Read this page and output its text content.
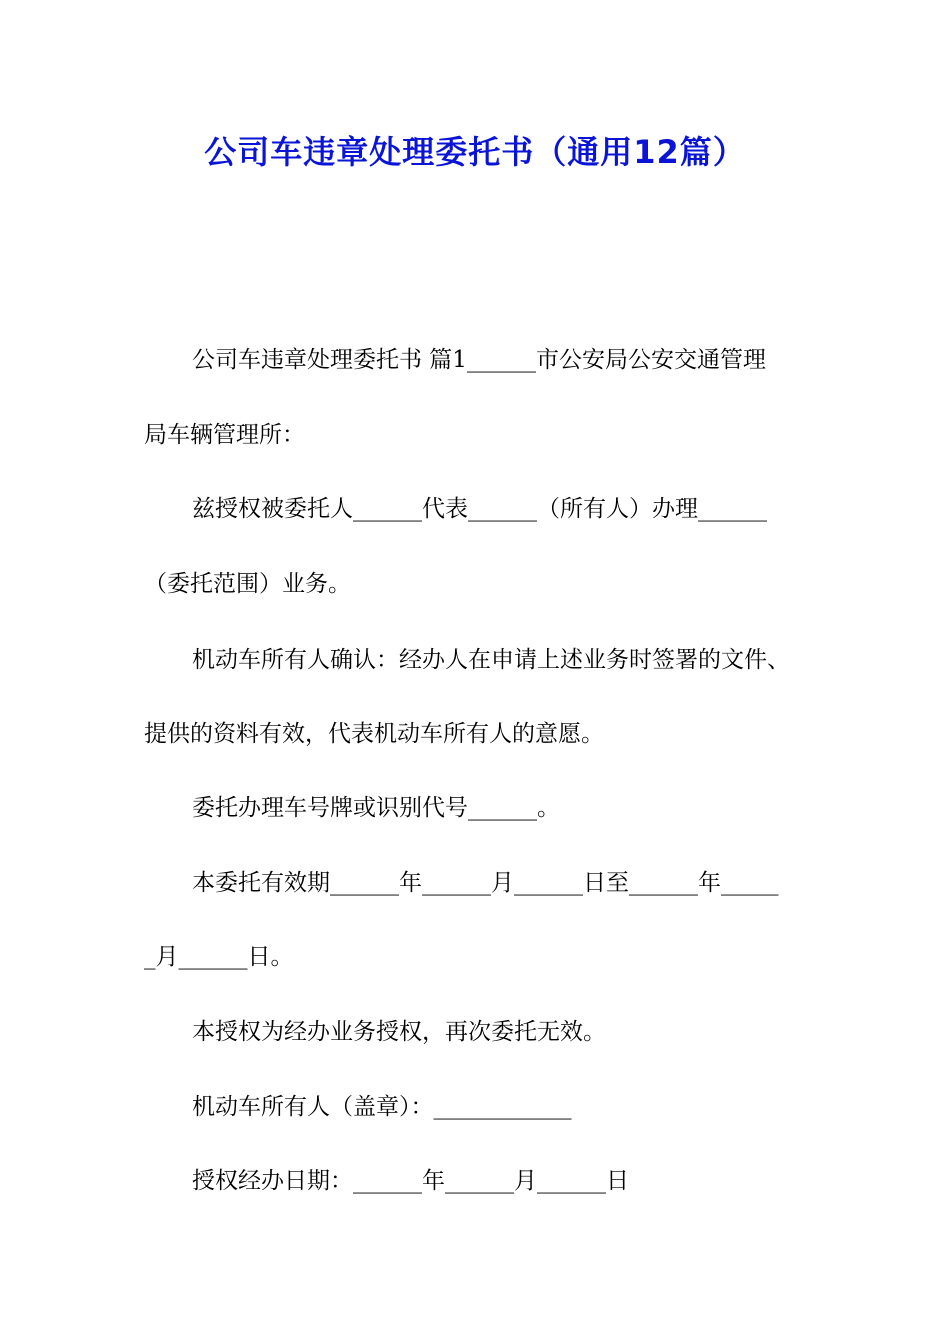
公司车违章处理委托书（通用12篇）

公司车违章处理委托书 篇1______市公安局公安交通管理

局车辆管理所：

兹授权被委托人______代表______（所有人）办理______

（委托范围）业务。

机动车所有人确认：经办人在申请上述业务时签署的文件、

提供的资料有效，代表机动车所有人的意愿。

委托办理车号牌或识别代号______。

本委托有效期______年______月______日至______年_____

_月______日。

本授权为经办业务授权，再次委托无效。

机动车所有人（盖章）：____________

授权经办日期：______年______月______日
